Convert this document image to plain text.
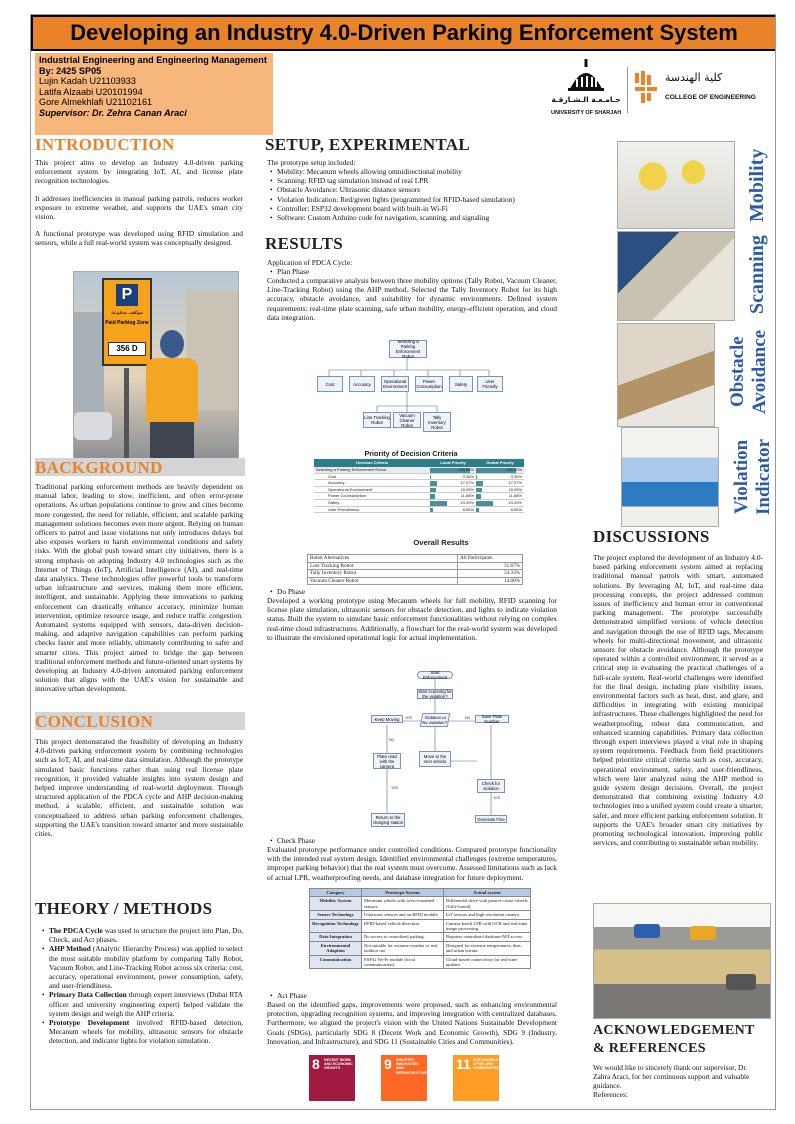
Developing an Industry 4.0-Driven Parking Enforcement System
Industrial Engineering and Engineering Management
By: 2425 SP05
Lujin Kadah U21103933
Latifa Alzaabi U20101994
Gore Almekhlafi U21102161
Supervisor: Dr. Zehra Canan Araci
جـامـعـة الـشـارقـة
UNIVERSITY OF SHARJAH
كلية الهندسة
COLLEGE OF ENGINEERING
INTRODUCTION

This project aims to develop an Industry 4.0-driven parking enforcement system by integrating IoT, AI, and license plate recognition technologies.

It addresses inefficiencies in manual parking patrols, reduces worker exposure to extreme weather, and supports the UAE's smart city vision.

A functional prototype was developed using RFID simulation and sensors, while a full real-world system was conceptually designed.

P
مواقف مدفوعة
Paid Parking Zone
356 D
BACKGROUND
Traditional parking enforcement methods are heavily dependent on manual labor, leading to slow, inefficient, and often error-prone operations. As urban populations continue to grow and cities become more congested, the need for reliable, efficient, and scalable parking management solutions becomes even more urgent. Relying on human officers to patrol and issue violations not only introduces delays but also exposes workers to harsh environmental conditions and safety risks. With the global push toward smart city initiatives, there is a strong emphasis on adopting Industry 4.0 technologies such as the Internet of Things (IoT), Artificial Intelligence (AI), and real-time data analytics. These technologies offer powerful tools to transform urban infrastructure and services, making them more efficient, intelligent, and sustainable. Applying these innovations to parking enforcement can drastically enhance accuracy, minimize human intervention, optimize resource usage, and reduce traffic congestion. Automated systems equipped with sensors, data-driven decision-making, and adaptive navigation capabilities can perform parking checks faster and more reliably, ultimately contributing to safer and smarter cities. This project aimed to bridge the gap between traditional enforcement methods and future-oriented smart systems by developing an Industry 4.0-driven automated parking enforcement solution that aligns with the UAE's vision for sustainable and innovative urban development.
CONCLUSION
This project demonstrated the feasibility of developing an Industry 4.0-driven parking enforcement system by combining technologies such as IoT, AI, and real-time data simulation. Although the prototype simulated basic functions rather than using real license plate recognition, it provided valuable insights into system design and helped improve understanding of real-world deployment. Through structured application of the PDCA cycle and AHP decision-making method, a scalable, efficient, and sustainable solution was conceptualized to address urban parking enforcement challenges, supporting the UAE's transition toward smarter and more sustainable cities.
THEORY / METHODS
• The PDCA Cycle was used to structure the project into Plan, Do, Check, and Act phases.
• AHP Method (Analytic Hierarchy Process) was applied to select the most suitable mobility platform by comparing Tally Robot, Vacuum Robot, and Line-Tracking Robot across six criteria: cost, accuracy, operational environment, power consumption, safety, and user-friendliness.
• Primary Data Collection through expert interviews (Dubai RTA officer and university engineering expert) helped validate the system design and weigh the AHP criteria.
• Prototype Development involved RFID-based detection, Mecanum wheels for mobility, ultrasonic sensors for obstacle detection, and indicator lights for violation simulation.
SETUP, EXPERIMENTAL
The prototype setup included:
• Mobility: Mecanum wheels allowing omnidirectional mobility
• Scanning: RFID tag simulation instead of real LPR
• Obstacle Avoidance: Ultrasonic distance sensors
• Violation Indication: Red/green lights (programmed for RFID-based simulation)
• Controller: ESP32 development board with built-in Wi-Fi
• Software: Custom Arduino code for navigation, scanning, and signaling
RESULTS
Application of PDCA Cycle:
• Plan Phase
Conducted a comparative analysis between three mobility options (Tally Robot, Vacuum Cleaner, Line-Tracking Robot) using the AHP method. Selected the Tally Inventory Robot for its high accuracy, obstacle avoidance, and suitability for dynamic environments. Defined system requirements: real-time plate scanning, safe urban mobility, energy-efficient operation, and cloud data integration.
Selecting a Parking Enforcement Robot
Cost	Accuracy	Operational Environment
Power Consumption	Safety	User Friendly
Line Tracking Robot
Vacuum Cleaner Robot
Tally Inventory Robot
Priority of Decision Criteria
Decision Criteria	Local Priority	Global Priority
Selecting a Parking Enforcement Robot	100.00%	100.00%
Cost	3.36%	3.36%
Accuracy	17.07%	17.07%
Operational Environment	15.05%	15.05%
Power Cconsumption	11.88%	11.88%
Safety	43.20%	43.20%
User-Friendliness	8.56%	8.56%
Overall Results
Robot Alternatives	All Participants
Line Tracking Robot	31.67%
Tally Inventory Robot	54.33%
Vacuum Cleaner Robot	14.00%
• Do Phase
Developed a working prototype using Mecanum wheels for full mobility, RFID scanning for license plate simulation, ultrasonic sensors for obstacle detection, and lights to indicate violation status. Built the system to simulate basic enforcement functionalities without relying on complex real-time cloud infrastructures. Additionally, a flowchart for the real-world system was developed to illustrate the envisioned operational logic for actual implementation.
YES	NO
NO
YES
YES
Start Enforcement
Start scanning for the violation?
Keep Moving	Violation or No violation?
Save Plate Number
Plate read with the camera
Move to the next vehicle
Check for violation
Return to the charging station
Generate Fine
• Check Phase
Evaluated prototype performance under controlled conditions. Compared prototype functionality with the intended real system design. Identified environmental challenges (extreme temperatures, improper parking behavior) that the real system must overcome. Assessed limitations such as lack of actual LPR, weatherproofing needs, and database integration for future deployment.
Category	Prototype System	Actual system
Mobility System	Mecanum wheels with servo-mounted sensors.	Differential drive with passive caster wheels (Tally-based).
Sensor Technology	Ultrasonic sensors and an RFID module.	IoT sensors and high-resolution camera.
Recognition Technology	RFID-based vehicle detection.	Camera-based LPR with OCR and real-time image processing.
Data Integration	No access to centralized parking.	Requires centralized database/API access.
Environmental Adaption	Not suitable for extreme weather or real outdoor use	Designed for extreme temperatures, dust, and urban terrain.
Communication	ESP32 Wi-Fi module (local communication).	Cloud-based connectivity for real-time updates.
• Act Phase
Based on the identified gaps, improvements were proposed, such as enhancing environmental protection, upgrading recognition systems, and improving integration with centralized databases. Furthermore, we aligned the project's vision with the United Nations Sustainable Development Goals (SDGs), particularly SDG 8 (Decent Work and Economic Growth), SDG 9 (Industry, Innovation, and Infrastructure), and SDG 11 (Sustainable Cities and Communities).
8 DECENT WORK AND ECONOMIC GROWTH	9 INDUSTRY, INNOVATION AND INFRASTRUCTURE
11 SUSTAINABLE CITIES AND COMMUNITIES
Mobility
Scanning
Obstacle Avoidance
Violation Indicator
DISCUSSIONS
The project explored the development of an Industry 4.0-based parking enforcement system aimed at replacing traditional manual patrols with smart, automated solutions. By leveraging AI, IoT, and real-time data processing concepts, the project addressed common issues of inefficiency and human error in conventional parking management. The prototype successfully demonstrated simplified versions of vehicle detection and navigation through the use of RFID tags, Mecanum wheels for multi-directional movement, and ultrasonic sensors for obstacle avoidance. Although the prototype operated within a controlled environment, it served as a critical step in evaluating the practical challenges of a full-scale system. Real-world challenges were identified for the final design, including plate visibility issues, environmental factors such as heat, dust, and glare, and difficulties in integrating with existing municipal infrastructures. These challenges highlighted the need for weatherproofing, robust data communication, and enhanced scanning capabilities. Primary data collection through expert interviews played a vital role in shaping system requirements. Feedback from field practitioners helped prioritize critical criteria such as cost, accuracy, operational environment, safety, and user-friendliness, which were later analyzed using the AHP method to guide system design decisions. Overall, the project demonstrated that combining existing Industry 4.0 technologies into a unified system could create a smarter, safer, and more efficient parking enforcement solution. It supports the UAE's broader smart city initiatives by promoting technological innovation, improving public services, and contributing to sustainable urban mobility.
ACKNOWLEDGEMENT
& REFERENCES
We would like to sincerely thank our supervisor, Dr. Zahra Araci, for her continuous support and valuable guidance.
References:
